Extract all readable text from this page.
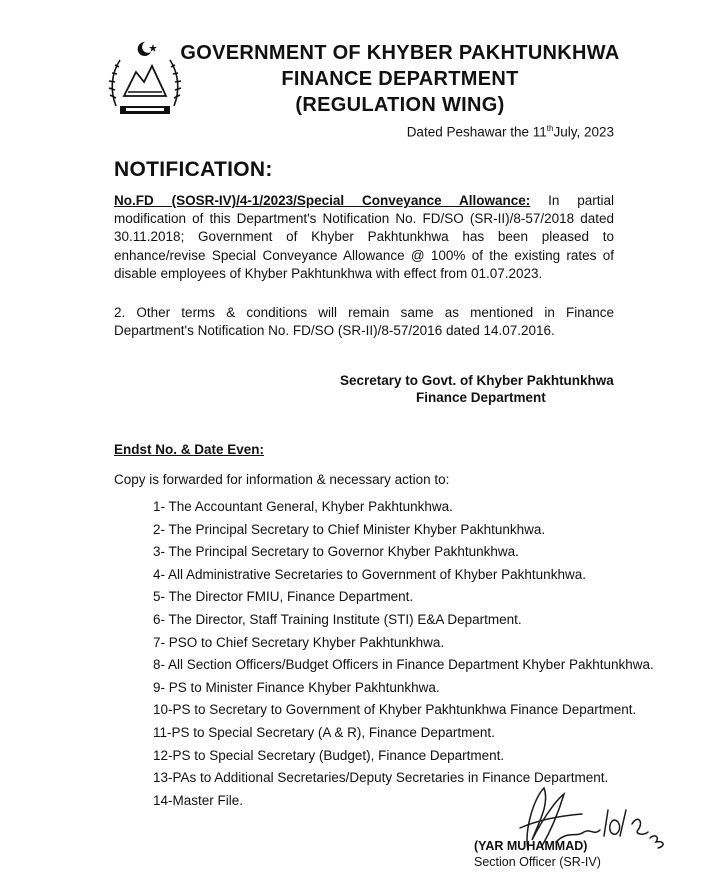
GOVERNMENT OF KHYBER PAKHTUNKHWA
FINANCE DEPARTMENT
(REGULATION WING)
Dated Peshawar the 11thJuly, 2023
NOTIFICATION:
No.FD (SOSR-IV)/4-1/2023/Special Conveyance Allowance: In partial modification of this Department's Notification No. FD/SO (SR-II)/8-57/2018 dated 30.11.2018; Government of Khyber Pakhtunkhwa has been pleased to enhance/revise Special Conveyance Allowance @ 100% of the existing rates of disable employees of Khyber Pakhtunkhwa with effect from 01.07.2023.
2. Other terms & conditions will remain same as mentioned in Finance Department's Notification No. FD/SO (SR-II)/8-57/2016 dated 14.07.2016.
Secretary to Govt. of Khyber Pakhtunkhwa
Finance Department
Endst No. & Date Even:
Copy is forwarded for information & necessary action to:
1- The Accountant General, Khyber Pakhtunkhwa.
2- The Principal Secretary to Chief Minister Khyber Pakhtunkhwa.
3- The Principal Secretary to Governor Khyber Pakhtunkhwa.
4- All Administrative Secretaries to Government of Khyber Pakhtunkhwa.
5- The Director FMIU, Finance Department.
6- The Director, Staff Training Institute (STI) E&A Department.
7- PSO to Chief Secretary Khyber Pakhtunkhwa.
8- All Section Officers/Budget Officers in Finance Department Khyber Pakhtunkhwa.
9- PS to Minister Finance Khyber Pakhtunkhwa.
10-PS to Secretary to Government of Khyber Pakhtunkhwa Finance Department.
11-PS to Special Secretary (A & R), Finance Department.
12-PS to Special Secretary (Budget), Finance Department.
13-PAs to Additional Secretaries/Deputy Secretaries in Finance Department.
14-Master File.
(YAR MUHAMMAD)
Section Officer (SR-IV)
